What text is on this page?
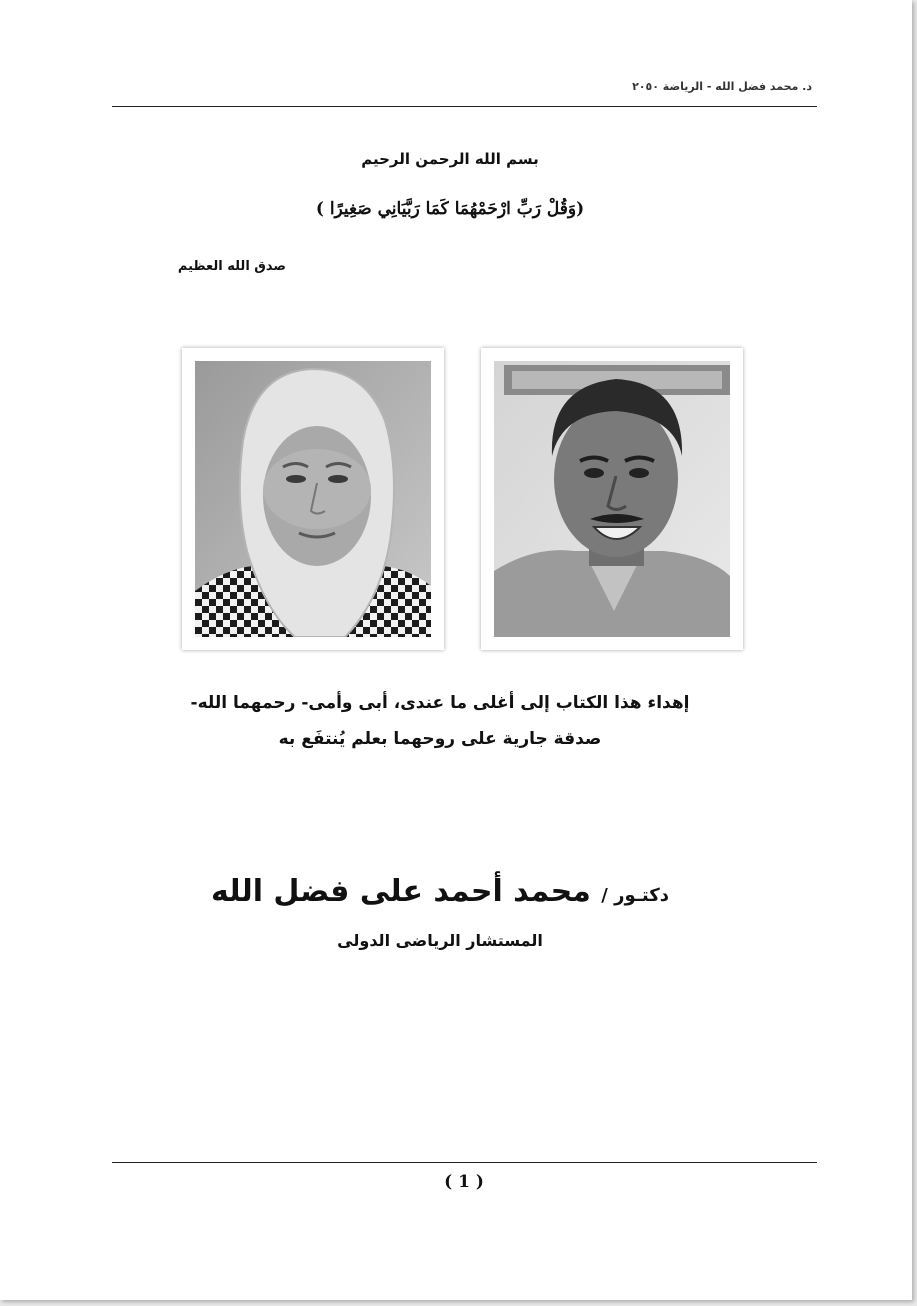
د. محمد فضل الله - الرياضة ٢٠٥٠
بسم الله الرحمن الرحيم
(وَقُلْ رَبِّ ارْحَمْهُمَا كَمَا رَبَّيَانِي صَغِيرًا )
صدق الله العظيم
إهداء هذا الكتاب إلى أغلى ما عندى، أبى وأمى- رحمهما الله-
صدقة جارية على روحهما بعلم يُنتفَع به
دكتـور / محمد أحمد على فضل الله
المستشار الرياضى الدولى
( 1 )
